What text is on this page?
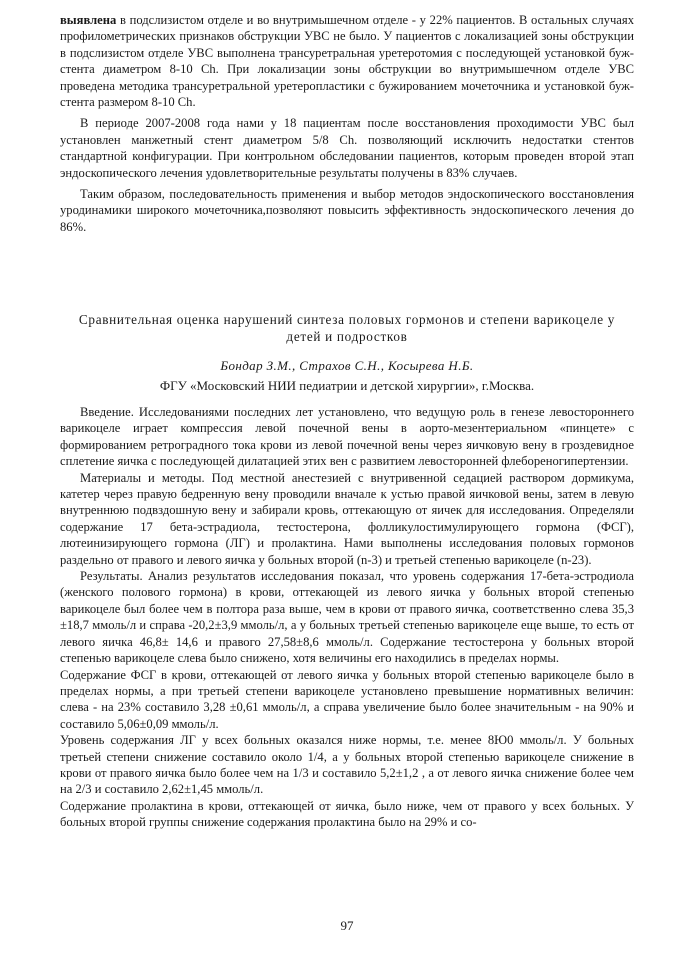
выявлена в подслизистом отделе и во внутримышечном отделе - у 22% пациентов. В остальных случаях профилометрических признаков обструкции УВС не было. У пациентов с локализацией зоны обструкции в подслизистом отделе УВС выполнена трансуретральная уретеротомия с последующей установкой буж-стента диаметром 8-10 Ch. При локализации зоны обструкции во внутримышечном отделе УВС проведена методика трансуретральной уретеропластики с бужированием мочеточника и установкой буж-стента размером 8-10 Ch.

В периоде 2007-2008 года нами у 18 пациентам после восстановления проходимости УВС был установлен манжетный стент диаметром 5/8 Ch. позволяющий исключить недостатки стентов стандартной конфигурации. При контрольном обследовании пациентов, которым проведен второй этап эндоскопического лечения удовлетворительные результаты получены в 83% случаев.

Таким образом, последовательность применения и выбор методов эндоскопического восстановления уродинамики широкого мочеточника,позволяют повысить эффективность эндоскопического лечения до 86%.

Сравнительная оценка нарушений синтеза половых гормонов и степени варикоцеле у детей и подростков
Бондар З.М., Страхов С.Н., Косырева Н.Б.
ФГУ «Московский НИИ педиатрии и детской хирургии», г.Москва.

Введение. Исследованиями последних лет установлено, что ведущую роль в генезе левостороннего варикоцеле играет компрессия левой почечной вены в аорто-мезентериальном «пинцете» с формированием ретроградного тока крови из левой почечной вены через яичковую вену в гроздевидное сплетение яичка с последующей дилатацией этих вен с развитием левосторонней флебореногипертензии.

Материалы и методы. Под местной анестезией с внутривенной седацией раствором дормикума, катетер через правую бедренную вену проводили вначале к устью правой яичковой вены, затем в левую внутреннюю подвздошную вену и забирали кровь, оттекающую от яичек для исследования. Определяли содержание 17 бета-эстрадиола, тестостерона, фолликулостимулирующего гормона (ФСГ), лютеинизирующего гормона (ЛГ) и пролактина. Нами выполнены исследования половых гормонов раздельно от правого и левого яичка у больных второй (n-3) и третьей степенью варикоцеле (n-23).

Результаты. Анализ результатов исследования показал, что уровень содержания 17-бета-эстродиола (женского полового гормона) в крови, оттекающей из левого яичка у больных второй степенью варикоцеле был более чем в полтора раза выше, чем в крови от правого яичка, соответственно слева 35,3 ±18,7 ммоль/л и справа -20,2±3,9 ммоль/л, а у больных третьей степенью варикоцеле еще выше, то есть от левого яичка 46,8± 14,6 и правого 27,58±8,6 ммоль/л. Содержание тестостерона у больных второй степенью варикоцеле слева было снижено, хотя величины его находились в пределах нормы.

Содержание ФСГ в крови, оттекающей от левого яичка у больных второй степенью варикоцеле было в пределах нормы, а при третьей степени варикоцеле установлено превышение нормативных величин: слева - на 23% составило 3,28 ±0,61 ммоль/л, а справа увеличение было более значительным - на 90% и составило 5,06±0,09 ммоль/л.

Уровень содержания ЛГ у всех больных оказался ниже нормы, т.е. менее 8Ю0 ммоль/л. У больных третьей степени снижение составило около 1/4, а у больных второй степенью варикоцеле снижение в крови от правого яичка было более чем на 1/3 и составило 5,2±1,2 , а от левого яичка снижение более чем на 2/3 и составило 2,62±1,45 ммоль/л.

Содержание пролактина в крови, оттекающей от яичка, было ниже, чем от правого у всех больных. У больных второй группы снижение содержания пролактина было на 29% и со-

97
